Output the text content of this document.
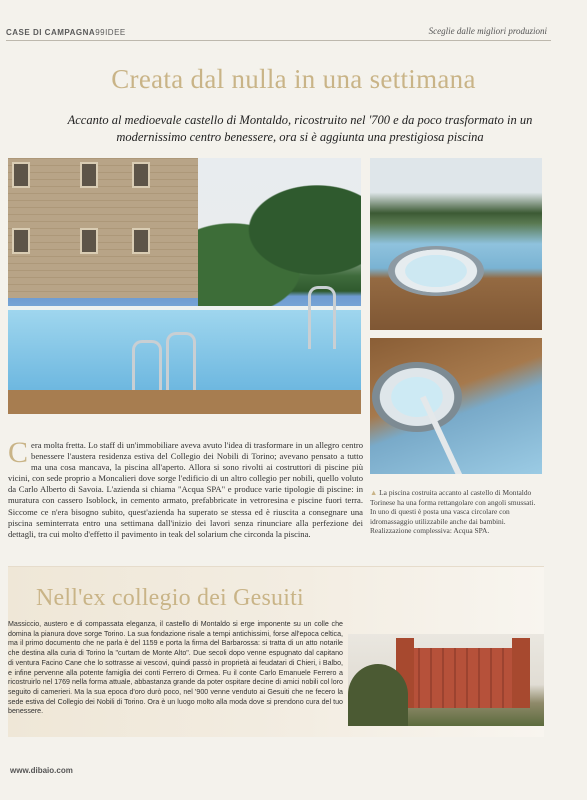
CASE DI CAMPAGNA99IDEE	Sceglie dalle migliori produzioni
Creata dal nulla in una settimana
Accanto al medioevale castello di Montaldo, ricostruito nel '700 e da poco trasformato in un modernissimo centro benessere, ora si è aggiunta una prestigiosa piscina
Cera molta fretta. Lo staff di un'immobiliare aveva avuto l'idea di trasformare in un allegro centro benessere l'austera residenza estiva del Collegio dei Nobili di Torino; avevano pensato a tutto ma una cosa mancava, la piscina all'aperto. Allora si sono rivolti ai costruttori di piscine più vicini, con sede proprio a Moncalieri dove sorge l'edificio di un altro collegio per nobili, quello voluto da Carlo Alberto di Savoia. L'azienda si chiama "Acqua SPA" e produce varie tipologie di piscine: in muratura con cassero Isoblock, in cemento armato, prefabbricate in vetroresina e piscine fuori terra. Siccome ce n'era bisogno subito, quest'azienda ha superato se stessa ed è riuscita a consegnare una piscina seminterrata entro una settimana dall'inizio dei lavori senza rinunciare alla perfezione dei dettagli, tra cui molto d'effetto il pavimento in teak del solarium che circonda la piscina.
▲ La piscina costruita accanto al castello di Montaldo Torinese ha una forma rettangolare con angoli smussati. In uno di questi è posta una vasca circolare con idromassaggio utilizzabile anche dai bambini. Realizzazione complessiva: Acqua SPA.
Nell'ex collegio dei Gesuiti
Massiccio, austero e di compassata eleganza, il castello di Montaldo si erge imponente su un colle che domina la pianura dove sorge Torino. La sua fondazione risale a tempi antichissimi, forse all'epoca celtica, ma il primo documento che ne parla è del 1159 e porta la firma del Barbarossa: si tratta di un atto notarile che destina alla curia di Torino la "curtam de Monte Alto". Due secoli dopo venne espugnato dal capitano di ventura Facino Cane che lo sottrasse ai vescovi, quindi passò in proprietà ai feudatari di Chieri, i Balbo, e infine pervenne alla potente famiglia dei conti Ferrero di Ormea. Fu il conte Carlo Emanuele Ferrero a ricostruirlo nel 1769 nella forma attuale, abbastanza grande da poter ospitare decine di amici nobili col loro seguito di camerieri. Ma la sua epoca d'oro durò poco, nel '900 venne venduto ai Gesuiti che ne fecero la sede estiva del Collegio dei Nobili di Torino. Ora è un luogo molto alla moda dove si prendono cura del tuo benessere.
www.dibaio.com
